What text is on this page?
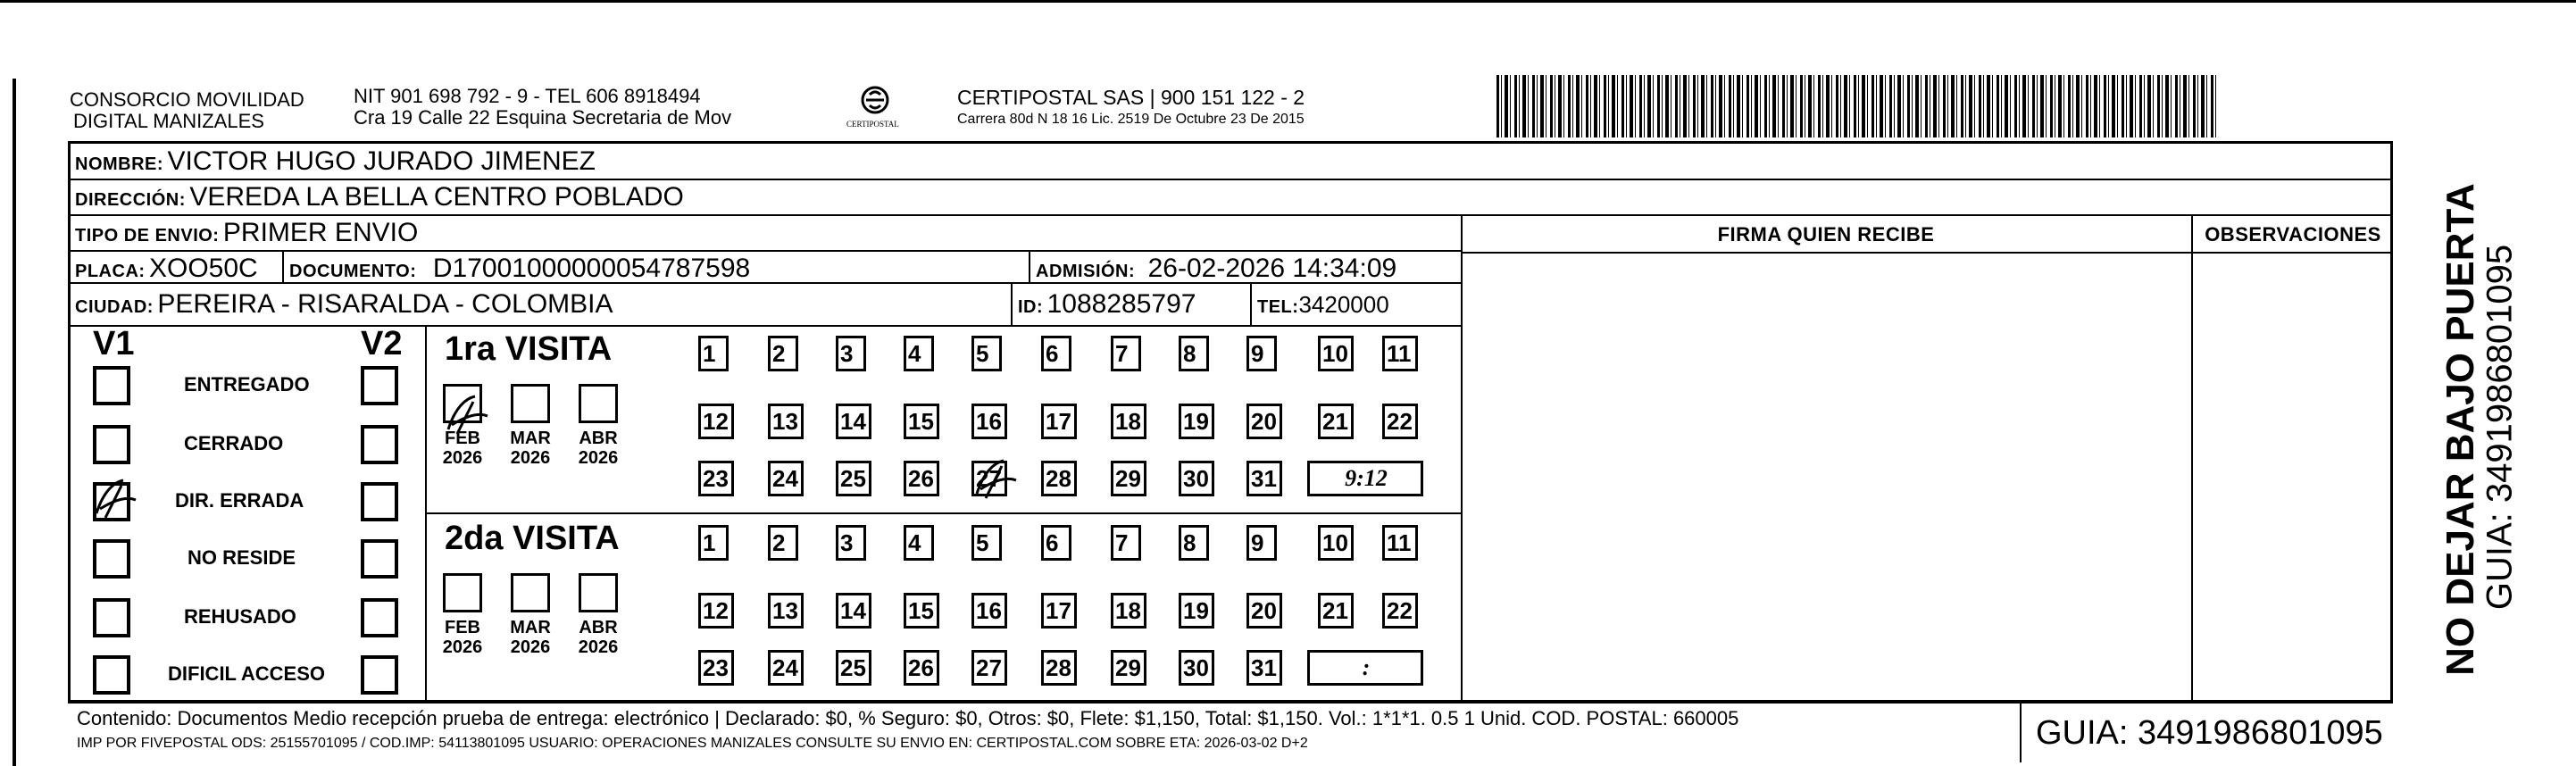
CONSORCIO MOVILIDAD
DIGITAL MANIZALES
NIT 901 698 792 - 9 - TEL 606 8918494
Cra 19 Calle 22 Esquina Secretaria de Mov	CERTIPOSTAL
CERTIPOSTAL SAS | 900 151 122 - 2
Carrera 80d N 18 16 Lic. 2519 De Octubre 23 De 2015
NOMBRE: VICTOR HUGO JURADO JIMENEZ
DIRECCIÓN: VEREDA LA BELLA CENTRO POBLADO
TIPO DE ENVIO: PRIMER ENVIO	FIRMA QUIEN RECIBE	OBSERVACIONES
PLACA: XOO50C DOCUMENTO: D17001000000054787598	ADMISIÓN: 26-02-2026 14:34:09
CIUDAD: PEREIRA - RISARALDA - COLOMBIA	ID: 1088285797	TEL:3420000
V1	V2
ENTREGADO
CERRADO
DIR. ERRADA
NO RESIDE
REHUSADO
DIFICIL ACCESO
1ra VISITA
2da VISITA
1	2	3	4	5	6	7	8	9	10 11
12 13 14 15 16 17 18 19 20 21 22
23 24 25 26 27 28 29 30 31	9:12
FEB
2026
MAR
2026
ABR
2026
1	2	3	4	5	6	7	8	9	10 11
12 13 14 15 16 17 18 19 20 21 22
23 24 25 26 27 28 29 30 31	:
FEB
2026
MAR
2026
ABR
2026
Contenido: Documentos Medio recepción prueba de entrega: electrónico | Declarado: $0, % Seguro: $0, Otros: $0, Flete: $1,150, Total: $1,150. Vol.: 1*1*1. 0.5 1 Unid. COD. POSTAL: 660005
IMP POR FIVEPOSTAL ODS: 25155701095 / COD.IMP: 54113801095 USUARIO: OPERACIONES MANIZALES CONSULTE SU ENVIO EN: CERTIPOSTAL.COM SOBRE ETA: 2026-03-02 D+2	GUIA: 3491986801095
NO DEJAR BAJO PUERTA
GUIA: 3491986801095
